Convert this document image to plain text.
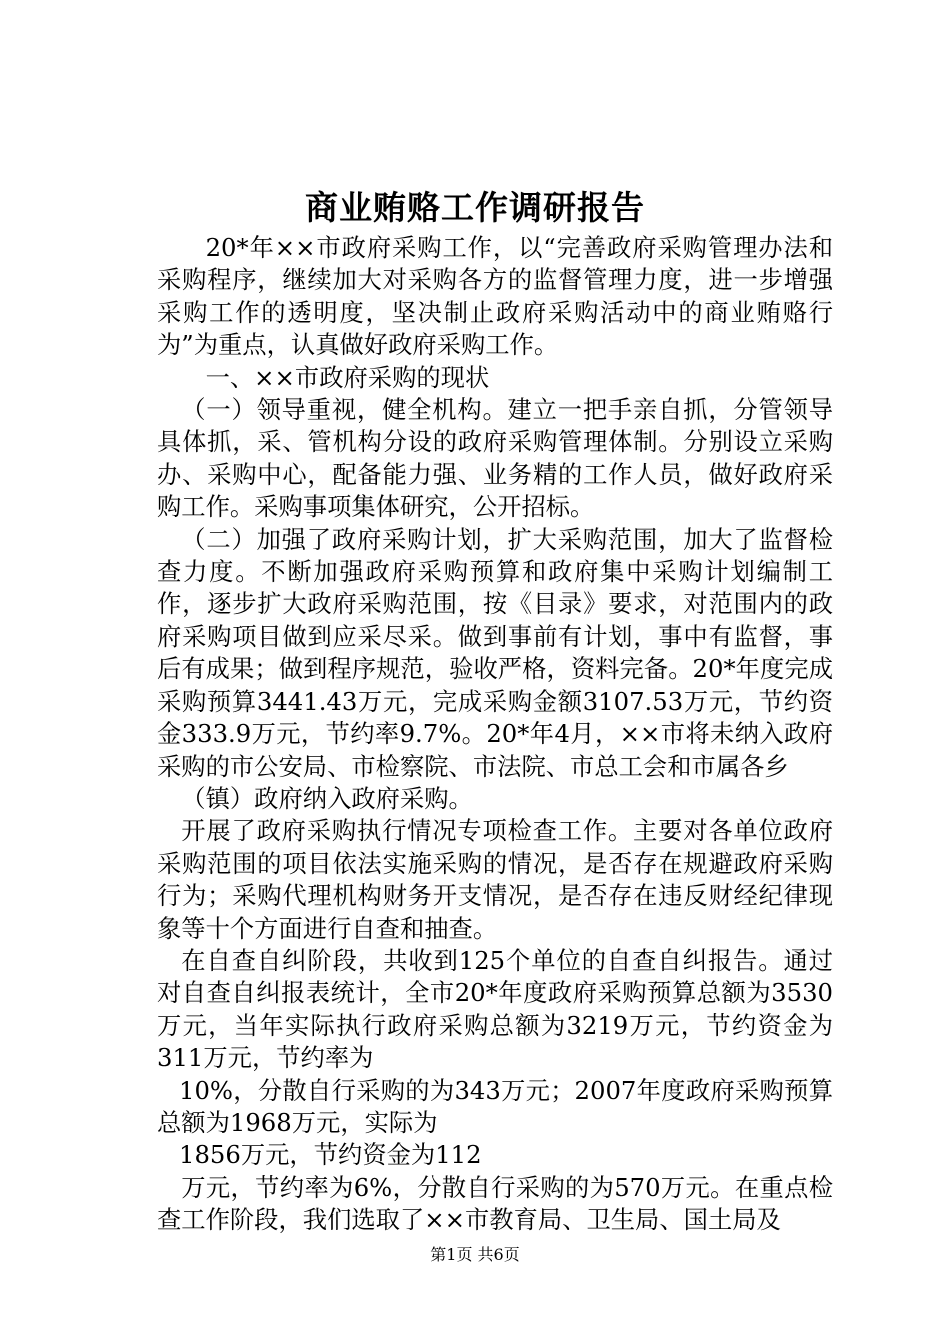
商业贿赂工作调研报告

20*年××市政府采购工作，以“完善政府采购管理办法和采购程序，继续加大对采购各方的监督管理力度，进一步增强采购工作的透明度，坚决制止政府采购活动中的商业贿赂行为”为重点，认真做好政府采购工作。

一、××市政府采购的现状

（一）领导重视，健全机构。建立一把手亲自抓，分管领导具体抓，采、管机构分设的政府采购管理体制。分别设立采购办、采购中心，配备能力强、业务精的工作人员，做好政府采购工作。采购事项集体研究，公开招标。

（二）加强了政府采购计划，扩大采购范围，加大了监督检查力度。不断加强政府采购预算和政府集中采购计划编制工作，逐步扩大政府采购范围，按《目录》要求，对范围内的政府采购项目做到应采尽采。做到事前有计划，事中有监督，事后有成果；做到程序规范，验收严格，资料完备。20*年度完成采购预算3441.43万元，完成采购金额3107.53万元，节约资金333.9万元，节约率9.7%。20*年4月，××市将未纳入政府采购的市公安局、市检察院、市法院、市总工会和市属各乡

（镇）政府纳入政府采购。

开展了政府采购执行情况专项检查工作。主要对各单位政府采购范围的项目依法实施采购的情况，是否存在规避政府采购行为；采购代理机构财务开支情况，是否存在违反财经纪律现象等十个方面进行自查和抽查。

在自查自纠阶段，共收到125个单位的自查自纠报告。通过对自查自纠报表统计，全市20*年度政府采购预算总额为3530万元，当年实际执行政府采购总额为3219万元，节约资金为311万元，节约率为

10%，分散自行采购的为343万元；2007年度政府采购预算总额为1968万元，实际为

1856万元，节约资金为112

万元，节约率为6%，分散自行采购的为570万元。在重点检查工作阶段，我们选取了××市教育局、卫生局、国土局及

第1页 共6页
